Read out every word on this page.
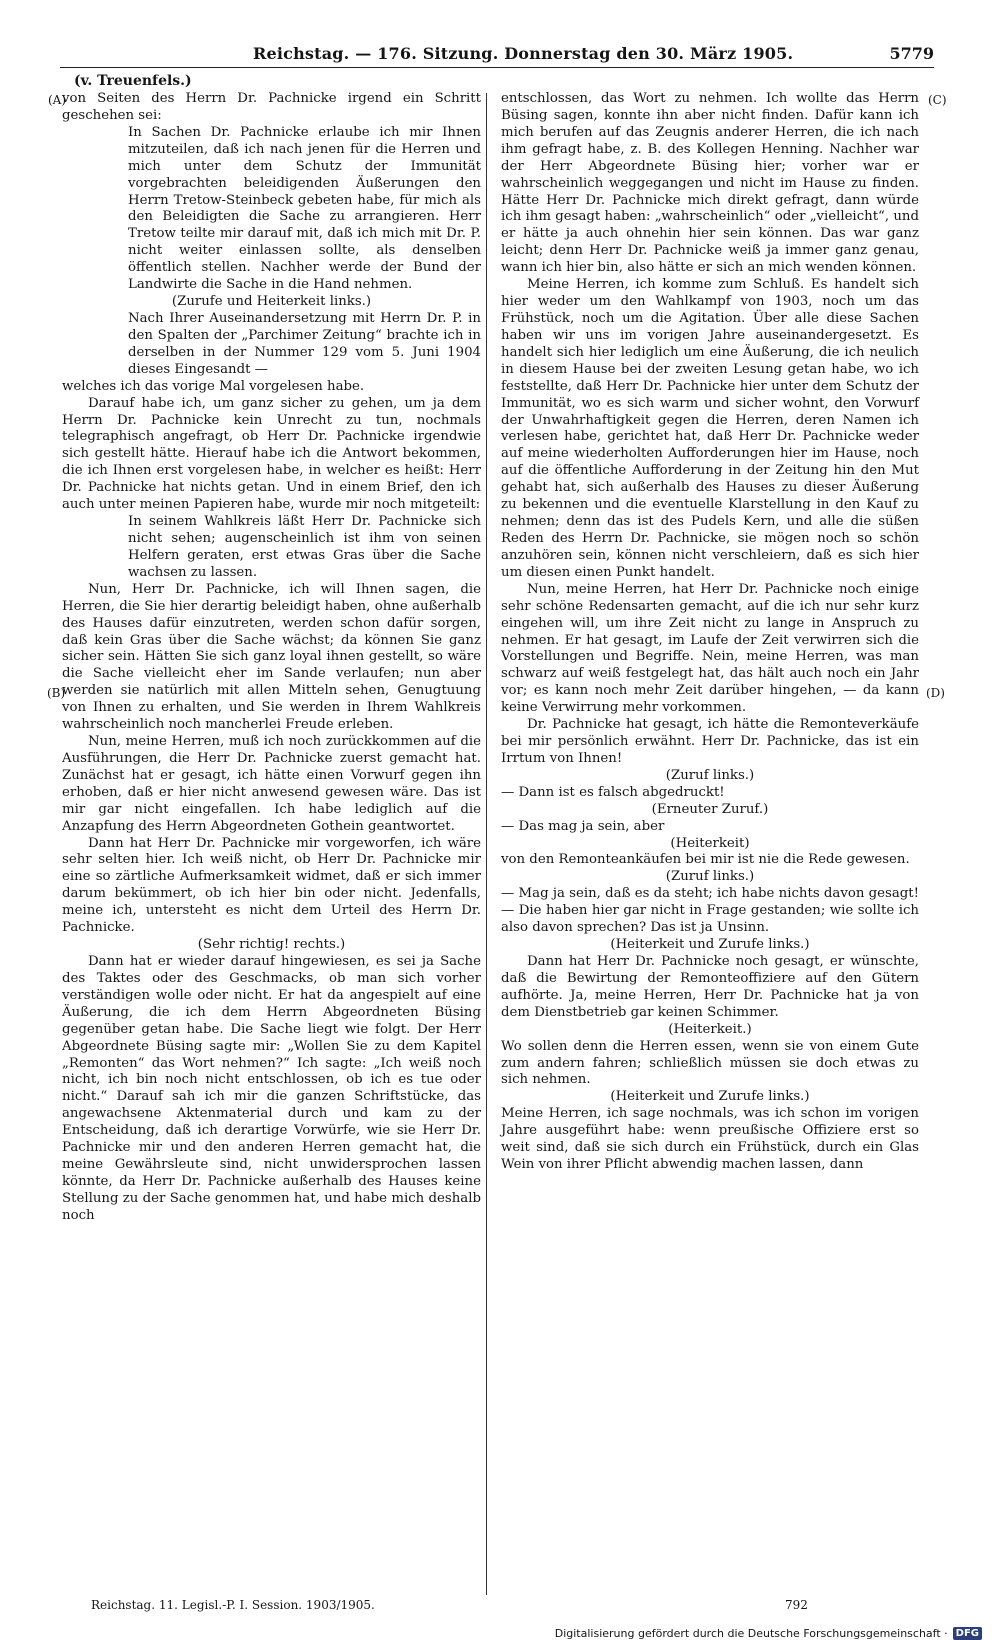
Reichstag. — 176. Sitzung. Donnerstag den 30. März 1905.	5779
(v. Treuenfels.)
(A)
(B)
(C)
(D)

von Seiten des Herrn Dr. Pachnicke irgend ein Schritt geschehen sei:

In Sachen Dr. Pachnicke erlaube ich mir Ihnen mitzuteilen, daß ich nach jenen für die Herren und mich unter dem Schutz der Immunität vorgebrachten beleidigenden Äußerungen den Herrn Tretow-Steinbeck gebeten habe, für mich als den Beleidigten die Sache zu arrangieren. Herr Tretow teilte mir darauf mit, daß ich mich mit Dr. P. nicht weiter einlassen sollte, als denselben öffentlich stellen. Nachher werde der Bund der Landwirte die Sache in die Hand nehmen.

(Zurufe und Heiterkeit links.)

Nach Ihrer Auseinandersetzung mit Herrn Dr. P. in den Spalten der „Parchimer Zeitung“ brachte ich in derselben in der Nummer 129 vom 5. Juni 1904 dieses Eingesandt —

welches ich das vorige Mal vorgelesen habe.

Darauf habe ich, um ganz sicher zu gehen, um ja dem Herrn Dr. Pachnicke kein Unrecht zu tun, nochmals telegraphisch angefragt, ob Herr Dr. Pachnicke irgendwie sich gestellt hätte. Hierauf habe ich die Antwort bekommen, die ich Ihnen erst vorgelesen habe, in welcher es heißt: Herr Dr. Pachnicke hat nichts getan. Und in einem Brief, den ich auch unter meinen Papieren habe, wurde mir noch mitgeteilt:

In seinem Wahlkreis läßt Herr Dr. Pachnicke sich nicht sehen; augenscheinlich ist ihm von seinen Helfern geraten, erst etwas Gras über die Sache wachsen zu lassen.

Nun, Herr Dr. Pachnicke, ich will Ihnen sagen, die Herren, die Sie hier derartig beleidigt haben, ohne außerhalb des Hauses dafür einzutreten, werden schon dafür sorgen, daß kein Gras über die Sache wächst; da können Sie ganz sicher sein. Hätten Sie sich ganz loyal ihnen gestellt, so wäre die Sache vielleicht eher im Sande verlaufen; nun aber werden sie natürlich mit allen Mitteln sehen, Genugtuung von Ihnen zu erhalten, und Sie werden in Ihrem Wahlkreis wahrscheinlich noch mancherlei Freude erleben.

Nun, meine Herren, muß ich noch zurückkommen auf die Ausführungen, die Herr Dr. Pachnicke zuerst gemacht hat. Zunächst hat er gesagt, ich hätte einen Vorwurf gegen ihn erhoben, daß er hier nicht anwesend gewesen wäre. Das ist mir gar nicht eingefallen. Ich habe lediglich auf die Anzapfung des Herrn Abgeordneten Gothein geantwortet.

Dann hat Herr Dr. Pachnicke mir vorgeworfen, ich wäre sehr selten hier. Ich weiß nicht, ob Herr Dr. Pachnicke mir eine so zärtliche Aufmerksamkeit widmet, daß er sich immer darum bekümmert, ob ich hier bin oder nicht. Jedenfalls, meine ich, untersteht es nicht dem Urteil des Herrn Dr. Pachnicke.

(Sehr richtig! rechts.)

Dann hat er wieder darauf hingewiesen, es sei ja Sache des Taktes oder des Geschmacks, ob man sich vorher verständigen wolle oder nicht. Er hat da angespielt auf eine Äußerung, die ich dem Herrn Abgeordneten Büsing gegenüber getan habe. Die Sache liegt wie folgt. Der Herr Abgeordnete Büsing sagte mir: „Wollen Sie zu dem Kapitel „Remonten“ das Wort nehmen?“ Ich sagte: „Ich weiß noch nicht, ich bin noch nicht entschlossen, ob ich es tue oder nicht.“ Darauf sah ich mir die ganzen Schriftstücke, das angewachsene Aktenmaterial durch und kam zu der Entscheidung, daß ich derartige Vorwürfe, wie sie Herr Dr. Pachnicke mir und den anderen Herren gemacht hat, die meine Gewährsleute sind, nicht unwidersprochen lassen könnte, da Herr Dr. Pachnicke außerhalb des Hauses keine Stellung zu der Sache genommen hat, und habe mich deshalb noch

entschlossen, das Wort zu nehmen. Ich wollte das Herrn Büsing sagen, konnte ihn aber nicht finden. Dafür kann ich mich berufen auf das Zeugnis anderer Herren, die ich nach ihm gefragt habe, z. B. des Kollegen Henning. Nachher war der Herr Abgeordnete Büsing hier; vorher war er wahrscheinlich weggegangen und nicht im Hause zu finden. Hätte Herr Dr. Pachnicke mich direkt gefragt, dann würde ich ihm gesagt haben: „wahrscheinlich“ oder „vielleicht“, und er hätte ja auch ohnehin hier sein können. Das war ganz leicht; denn Herr Dr. Pachnicke weiß ja immer ganz genau, wann ich hier bin, also hätte er sich an mich wenden können.

Meine Herren, ich komme zum Schluß. Es handelt sich hier weder um den Wahlkampf von 1903, noch um das Frühstück, noch um die Agitation. Über alle diese Sachen haben wir uns im vorigen Jahre auseinandergesetzt. Es handelt sich hier lediglich um eine Äußerung, die ich neulich in diesem Hause bei der zweiten Lesung getan habe, wo ich feststellte, daß Herr Dr. Pachnicke hier unter dem Schutz der Immunität, wo es sich warm und sicher wohnt, den Vorwurf der Unwahrhaftigkeit gegen die Herren, deren Namen ich verlesen habe, gerichtet hat, daß Herr Dr. Pachnicke weder auf meine wiederholten Aufforderungen hier im Hause, noch auf die öffentliche Aufforderung in der Zeitung hin den Mut gehabt hat, sich außerhalb des Hauses zu dieser Äußerung zu bekennen und die eventuelle Klarstellung in den Kauf zu nehmen; denn das ist des Pudels Kern, und alle die süßen Reden des Herrn Dr. Pachnicke, sie mögen noch so schön anzuhören sein, können nicht verschleiern, daß es sich hier um diesen einen Punkt handelt.

Nun, meine Herren, hat Herr Dr. Pachnicke noch einige sehr schöne Redensarten gemacht, auf die ich nur sehr kurz eingehen will, um ihre Zeit nicht zu lange in Anspruch zu nehmen. Er hat gesagt, im Laufe der Zeit verwirren sich die Vorstellungen und Begriffe. Nein, meine Herren, was man schwarz auf weiß festgelegt hat, das hält auch noch ein Jahr vor; es kann noch mehr Zeit darüber hingehen, — da kann keine Verwirrung mehr vorkommen.

Dr. Pachnicke hat gesagt, ich hätte die Remonteverkäufe bei mir persönlich erwähnt. Herr Dr. Pachnicke, das ist ein Irrtum von Ihnen!

(Zuruf links.)

— Dann ist es falsch abgedruckt!

(Erneuter Zuruf.)

— Das mag ja sein, aber

(Heiterkeit)

von den Remonteankäufen bei mir ist nie die Rede gewesen.

(Zuruf links.)

— Mag ja sein, daß es da steht; ich habe nichts davon gesagt! — Die haben hier gar nicht in Frage gestanden; wie sollte ich also davon sprechen? Das ist ja Unsinn.

(Heiterkeit und Zurufe links.)

Dann hat Herr Dr. Pachnicke noch gesagt, er wünschte, daß die Bewirtung der Remonteoffiziere auf den Gütern aufhörte. Ja, meine Herren, Herr Dr. Pachnicke hat ja von dem Dienstbetrieb gar keinen Schimmer.

(Heiterkeit.)

Wo sollen denn die Herren essen, wenn sie von einem Gute zum andern fahren; schließlich müssen sie doch etwas zu sich nehmen.

(Heiterkeit und Zurufe links.)

Meine Herren, ich sage nochmals, was ich schon im vorigen Jahre ausgeführt habe: wenn preußische Offiziere erst so weit sind, daß sie sich durch ein Frühstück, durch ein Glas Wein von ihrer Pflicht abwendig machen lassen, dann

Reichstag. 11. Legisl.-P. I. Session. 1903/1905.	792
Digitalisierung gefördert durch die Deutsche Forschungsgemeinschaft · DFG
